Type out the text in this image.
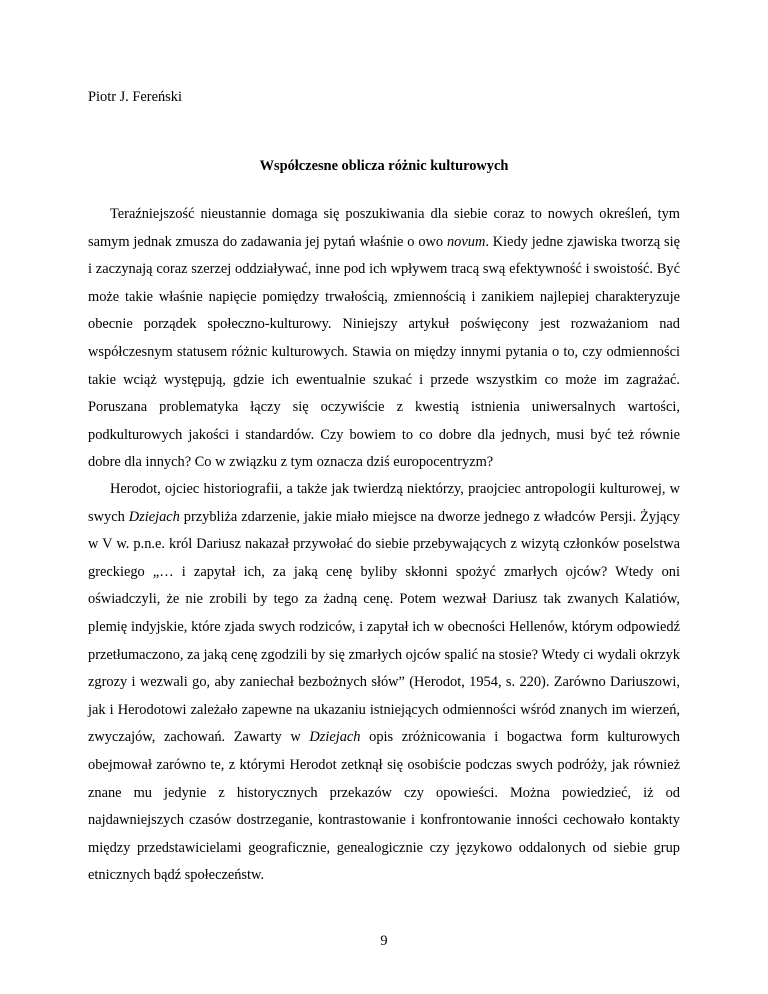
Piotr J. Fereński

Współczesne oblicza różnic kulturowych

Teraźniejszość nieustannie domaga się poszukiwania dla siebie coraz to nowych określeń, tym samym jednak zmusza do zadawania jej pytań właśnie o owo novum. Kiedy jedne zjawiska tworzą się i zaczynają coraz szerzej oddziaływać, inne pod ich wpływem tracą swą efektywność i swoistość. Być może takie właśnie napięcie pomiędzy trwałością, zmiennością i zanikiem najlepiej charakteryzuje obecnie porządek społeczno-kulturowy. Niniejszy artykuł poświęcony jest rozważaniom nad współczesnym statusem różnic kulturowych. Stawia on między innymi pytania o to, czy odmienności takie wciąż występują, gdzie ich ewentualnie szukać i przede wszystkim co może im zagrażać. Poruszana problematyka łączy się oczywiście z kwestią istnienia uniwersalnych wartości, podkulturowych jakości i standardów. Czy bowiem to co dobre dla jednych, musi być też równie dobre dla innych? Co w związku z tym oznacza dziś europocentryzm?

Herodot, ojciec historiografii, a także jak twierdzą niektórzy, praojciec antropologii kulturowej, w swych Dziejach przybliża zdarzenie, jakie miało miejsce na dworze jednego z władców Persji. Żyjący w V w. p.n.e. król Dariusz nakazał przywołać do siebie przebywających z wizytą członków poselstwa greckiego „… i zapytał ich, za jaką cenę byliby skłonni spożyć zmarłych ojców? Wtedy oni oświadczyli, że nie zrobili by tego za żadną cenę. Potem wezwał Dariusz tak zwanych Kalatiów, plemię indyjskie, które zjada swych rodziców, i zapytał ich w obecności Hellenów, którym odpowiedź przetłumaczono, za jaką cenę zgodzili by się zmarłych ojców spalić na stosie? Wtedy ci wydali okrzyk zgrozy i wezwali go, aby zaniechał bezbożnych słów” (Herodot, 1954, s. 220). Zarówno Dariuszowi, jak i Herodotowi zależało zapewne na ukazaniu istniejących odmienności wśród znanych im wierzeń, zwyczajów, zachowań. Zawarty w Dziejach opis zróżnicowania i bogactwa form kulturowych obejmował zarówno te, z którymi Herodot zetknął się osobiście podczas swych podróży, jak również znane mu jedynie z historycznych przekazów czy opowieści. Można powiedzieć, iż od najdawniejszych czasów dostrzeganie, kontrastowanie i konfrontowanie inności cechowało kontakty między przedstawicielami geograficznie, genealogicznie czy językowo oddalonych od siebie grup etnicznych bądź społeczeństw.

9
